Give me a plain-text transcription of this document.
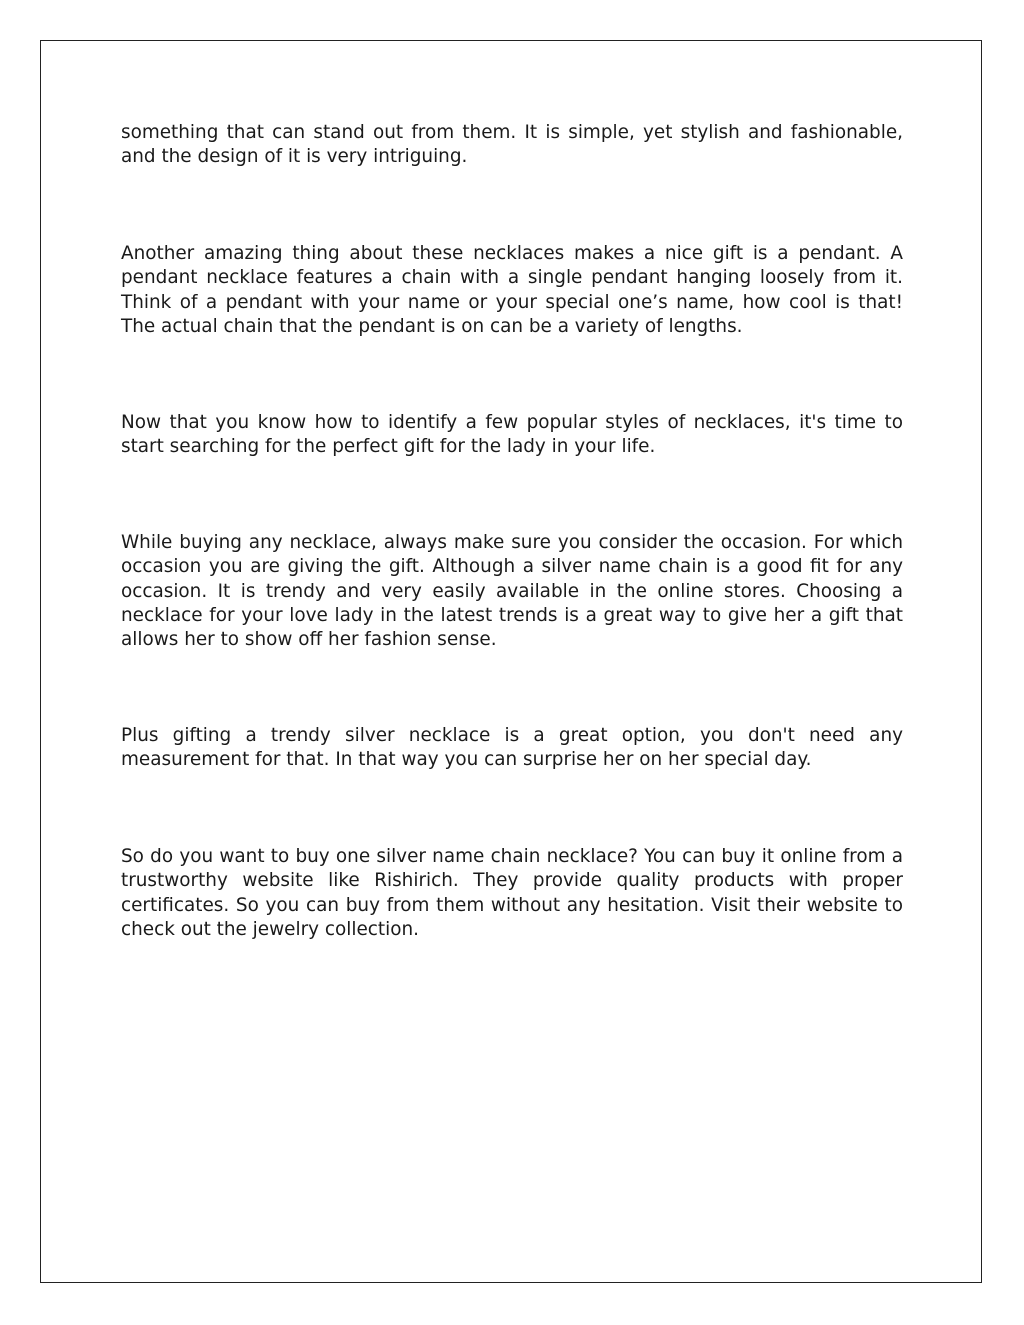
something that can stand out from them. It is simple, yet stylish and fashionable, and the design of it is very intriguing.

Another amazing thing about these necklaces makes a nice gift is a pendant. A pendant necklace features a chain with a single pendant hanging loosely from it. Think of a pendant with your name or your special one’s name, how cool is that! The actual chain that the pendant is on can be a variety of lengths.

Now that you know how to identify a few popular styles of necklaces, it's time to start searching for the perfect gift for the lady in your life.

While buying any necklace, always make sure you consider the occasion. For which occasion you are giving the gift. Although a silver name chain is a good fit for any occasion. It is trendy and very easily available in the online stores. Choosing a necklace for your love lady in the latest trends is a great way to give her a gift that allows her to show off her fashion sense.

Plus gifting a trendy silver necklace is a great option, you don't need any measurement for that. In that way you can surprise her on her special day.

So do you want to buy one silver name chain necklace? You can buy it online from a trustworthy website like Rishirich. They provide quality products with proper certificates. So you can buy from them without any hesitation. Visit their website to check out the jewelry collection.
